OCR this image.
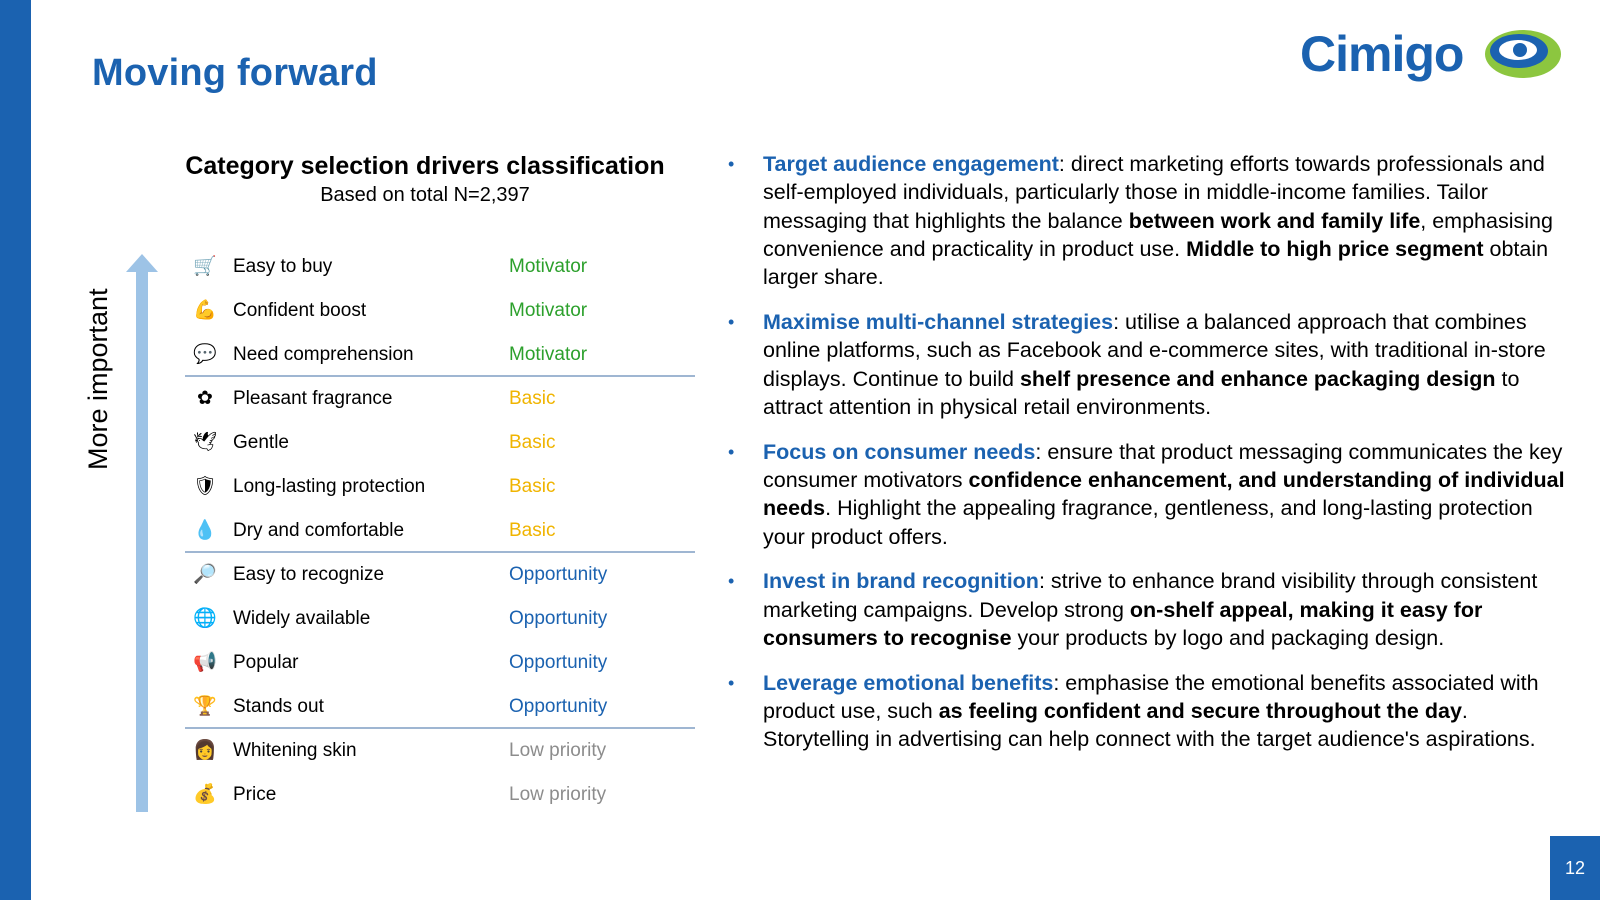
Moving forward	Cimigo
Category selection drivers classification
Based on total N=2,397
More important
🛒 Easy to buy	Motivator
💪 Confident boost	Motivator
💬 Need comprehension	Motivator
✿ Pleasant fragrance	Basic
🕊 Gentle	Basic
🛡 Long-lasting protection	Basic
💧 Dry and comfortable	Basic
🔎 Easy to recognize	Opportunity
🌐 Widely available	Opportunity
📢 Popular	Opportunity
🏆 Stands out	Opportunity
👩 Whitening skin	Low priority
💰 Price	Low priority
• Target audience engagement: direct marketing efforts towards professionals and self-employed individuals, particularly those in middle-income families. Tailor messaging that highlights the balance between work and family life, emphasising convenience and practicality in product use. Middle to high price segment obtain larger share.
• Maximise multi-channel strategies: utilise a balanced approach that combines online platforms, such as Facebook and e-commerce sites, with traditional in-store displays. Continue to build shelf presence and enhance packaging design to attract attention in physical retail environments.
• Focus on consumer needs: ensure that product messaging communicates the key consumer motivators confidence enhancement, and understanding of individual needs. Highlight the appealing fragrance, gentleness, and long-lasting protection your product offers.
• Invest in brand recognition: strive to enhance brand visibility through consistent marketing campaigns. Develop strong on-shelf appeal, making it easy for consumers to recognise your products by logo and packaging design.
• Leverage emotional benefits: emphasise the emotional benefits associated with product use, such as feeling confident and secure throughout the day. Storytelling in advertising can help connect with the target audience's aspirations.
12
